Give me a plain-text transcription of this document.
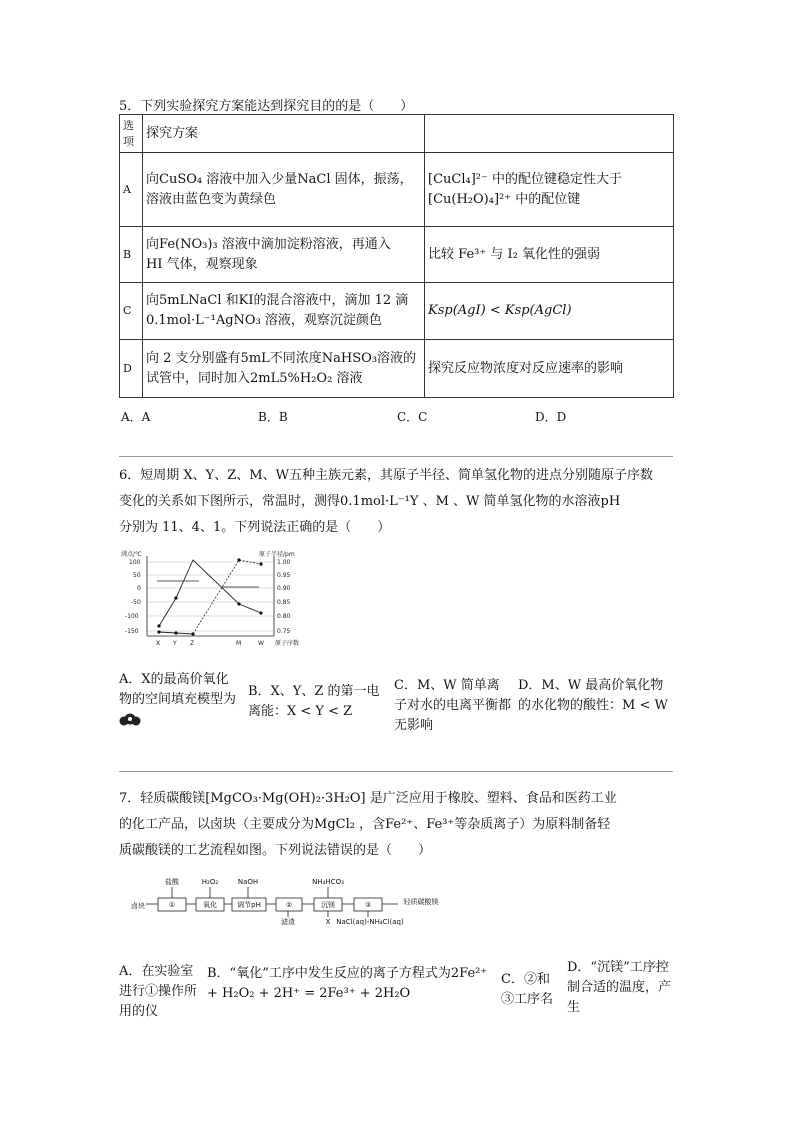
5．下列实验探究方案能达到探究目的的是（　　）
选项	探究方案	
A	向CuSO₄ 溶液中加入少量NaCl 固体，振荡，溶液由蓝色变为黄绿色	[CuCl₄]²⁻ 中的配位键稳定性大于
[Cu(H₂O)₄]²⁺ 中的配位键
B	向Fe(NO₃)₃ 溶液中滴加淀粉溶液，再通入
HI 气体，观察现象	比较 Fe³⁺ 与 I₂ 氧化性的强弱
C	向5mLNaCl 和KI的混合溶液中，滴加 12 滴
0.1mol·L⁻¹AgNO₃ 溶液，观察沉淀颜色	Ksp(AgI) < Ksp(AgCl)
D	向 2 支分别盛有5mL不同浓度NaHSO₃溶液的试管中，同时加入2mL5%H₂O₂ 溶液	探究反应物浓度对反应速率的影响
A．A	B．B	C．C	D．D
6．短周期 X、Y、Z、M、W五种主族元素，其原子半径、简单氢化物的进点分别随原子序数
变化的关系如下图所示，常温时，测得0.1mol·L⁻¹Y 、M 、W 简单氢化物的水溶液pH
分别为 11、4、1。下列说法正确的是（　　）
沸点/℃	原子半径/pm
100
50
0
-50
-100
-150
1.00
0.95
0.90
0.85
0.80
0.75
X Y Z	M	W 原子序数
A．X的最高价氧化物的空间填充模型为
B．X、Y、Z 的第一电离能：X < Y < Z
C．M、W 简单离子对水的电离平衡都无影响
D．M、W 最高价氧化物的水化物的酸性：M < W
7．轻质碳酸镁[MgCO₃·Mg(OH)₂·3H₂O] 是广泛应用于橡胶、塑料、食品和医药工业
的化工产品，以卤块（主要成分为MgCl₂ ，含Fe²⁺、Fe³⁺等杂质离子）为原料制备轻
质碳酸镁的工艺流程如图。下列说法错误的是（　　）
卤块
盐酸	H₂O₂	NaOH	NH₄HCO₃
轻质碳酸镁
滤渣	X NaCl(aq)-NH₄Cl(aq)
①	氧化	调节pH	②	沉镁	③
A．在实验室进行①操作所用的仪
B．“氧化”工序中发生反应的离子方程式为2Fe²⁺ + H₂O₂ + 2H⁺ = 2Fe³⁺ + 2H₂O
C．②和③工序名
D．“沉镁”工序控制合适的温度，产生
